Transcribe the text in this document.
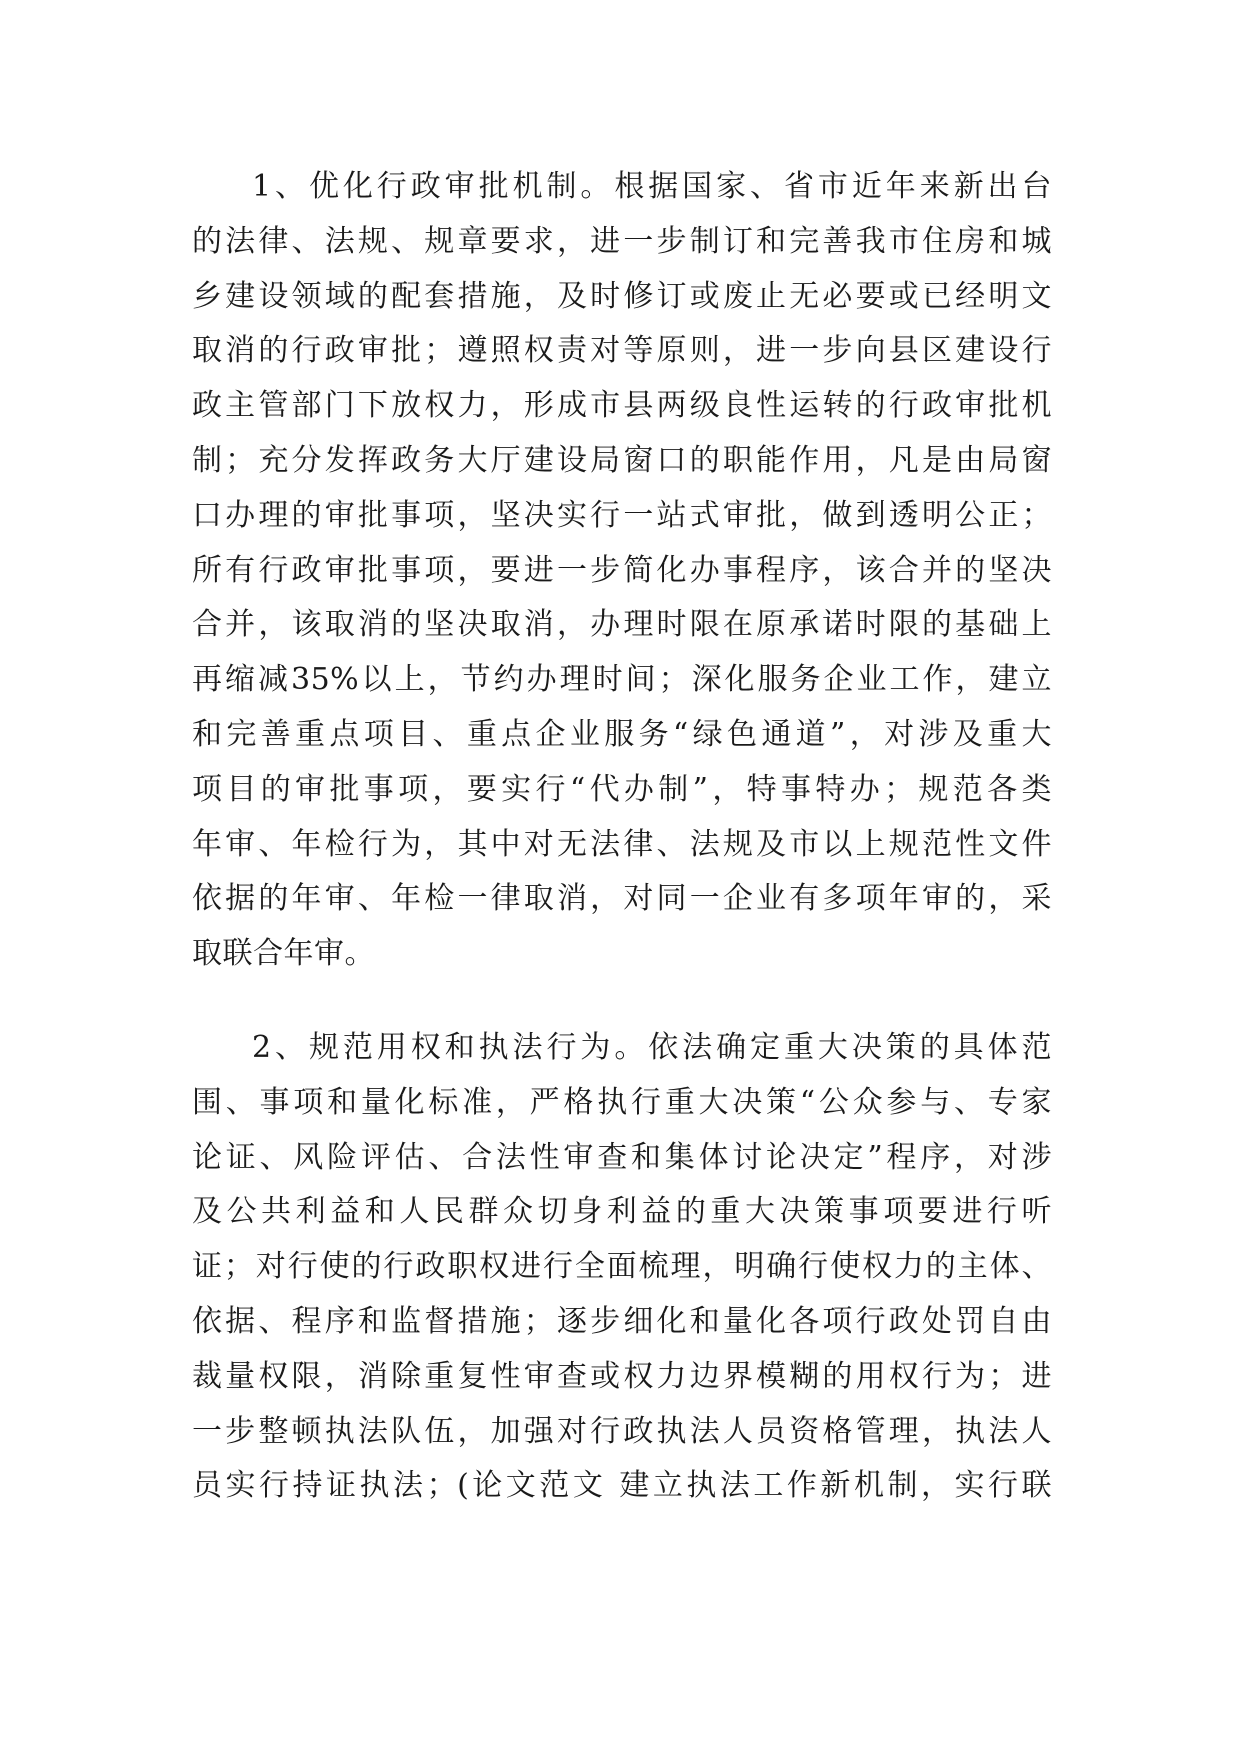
1、优化行政审批机制。根据国家、省市近年来新出台
的法律、法规、规章要求，进一步制订和完善我市住房和城
乡建设领域的配套措施，及时修订或废止无必要或已经明文
取消的行政审批；遵照权责对等原则，进一步向县区建设行
政主管部门下放权力，形成市县两级良性运转的行政审批机
制；充分发挥政务大厅建设局窗口的职能作用，凡是由局窗
口办理的审批事项，坚决实行一站式审批，做到透明公正；
所有行政审批事项，要进一步简化办事程序，该合并的坚决
合并，该取消的坚决取消，办理时限在原承诺时限的基础上
再缩减35%以上，节约办理时间；深化服务企业工作，建立
和完善重点项目、重点企业服务“绿色通道”，对涉及重大
项目的审批事项，要实行“代办制”，特事特办；规范各类
年审、年检行为，其中对无法律、法规及市以上规范性文件
依据的年审、年检一律取消，对同一企业有多项年审的，采
取联合年审。
2、规范用权和执法行为。依法确定重大决策的具体范
围、事项和量化标准，严格执行重大决策“公众参与、专家
论证、风险评估、合法性审查和集体讨论决定”程序，对涉
及公共利益和人民群众切身利益的重大决策事项要进行听
证；对行使的行政职权进行全面梳理，明确行使权力的主体、
依据、程序和监督措施；逐步细化和量化各项行政处罚自由
裁量权限，消除重复性审查或权力边界模糊的用权行为；进
一步整顿执法队伍，加强对行政执法人员资格管理，执法人
员实行持证执法；(论文范文 建立执法工作新机制，实行联
